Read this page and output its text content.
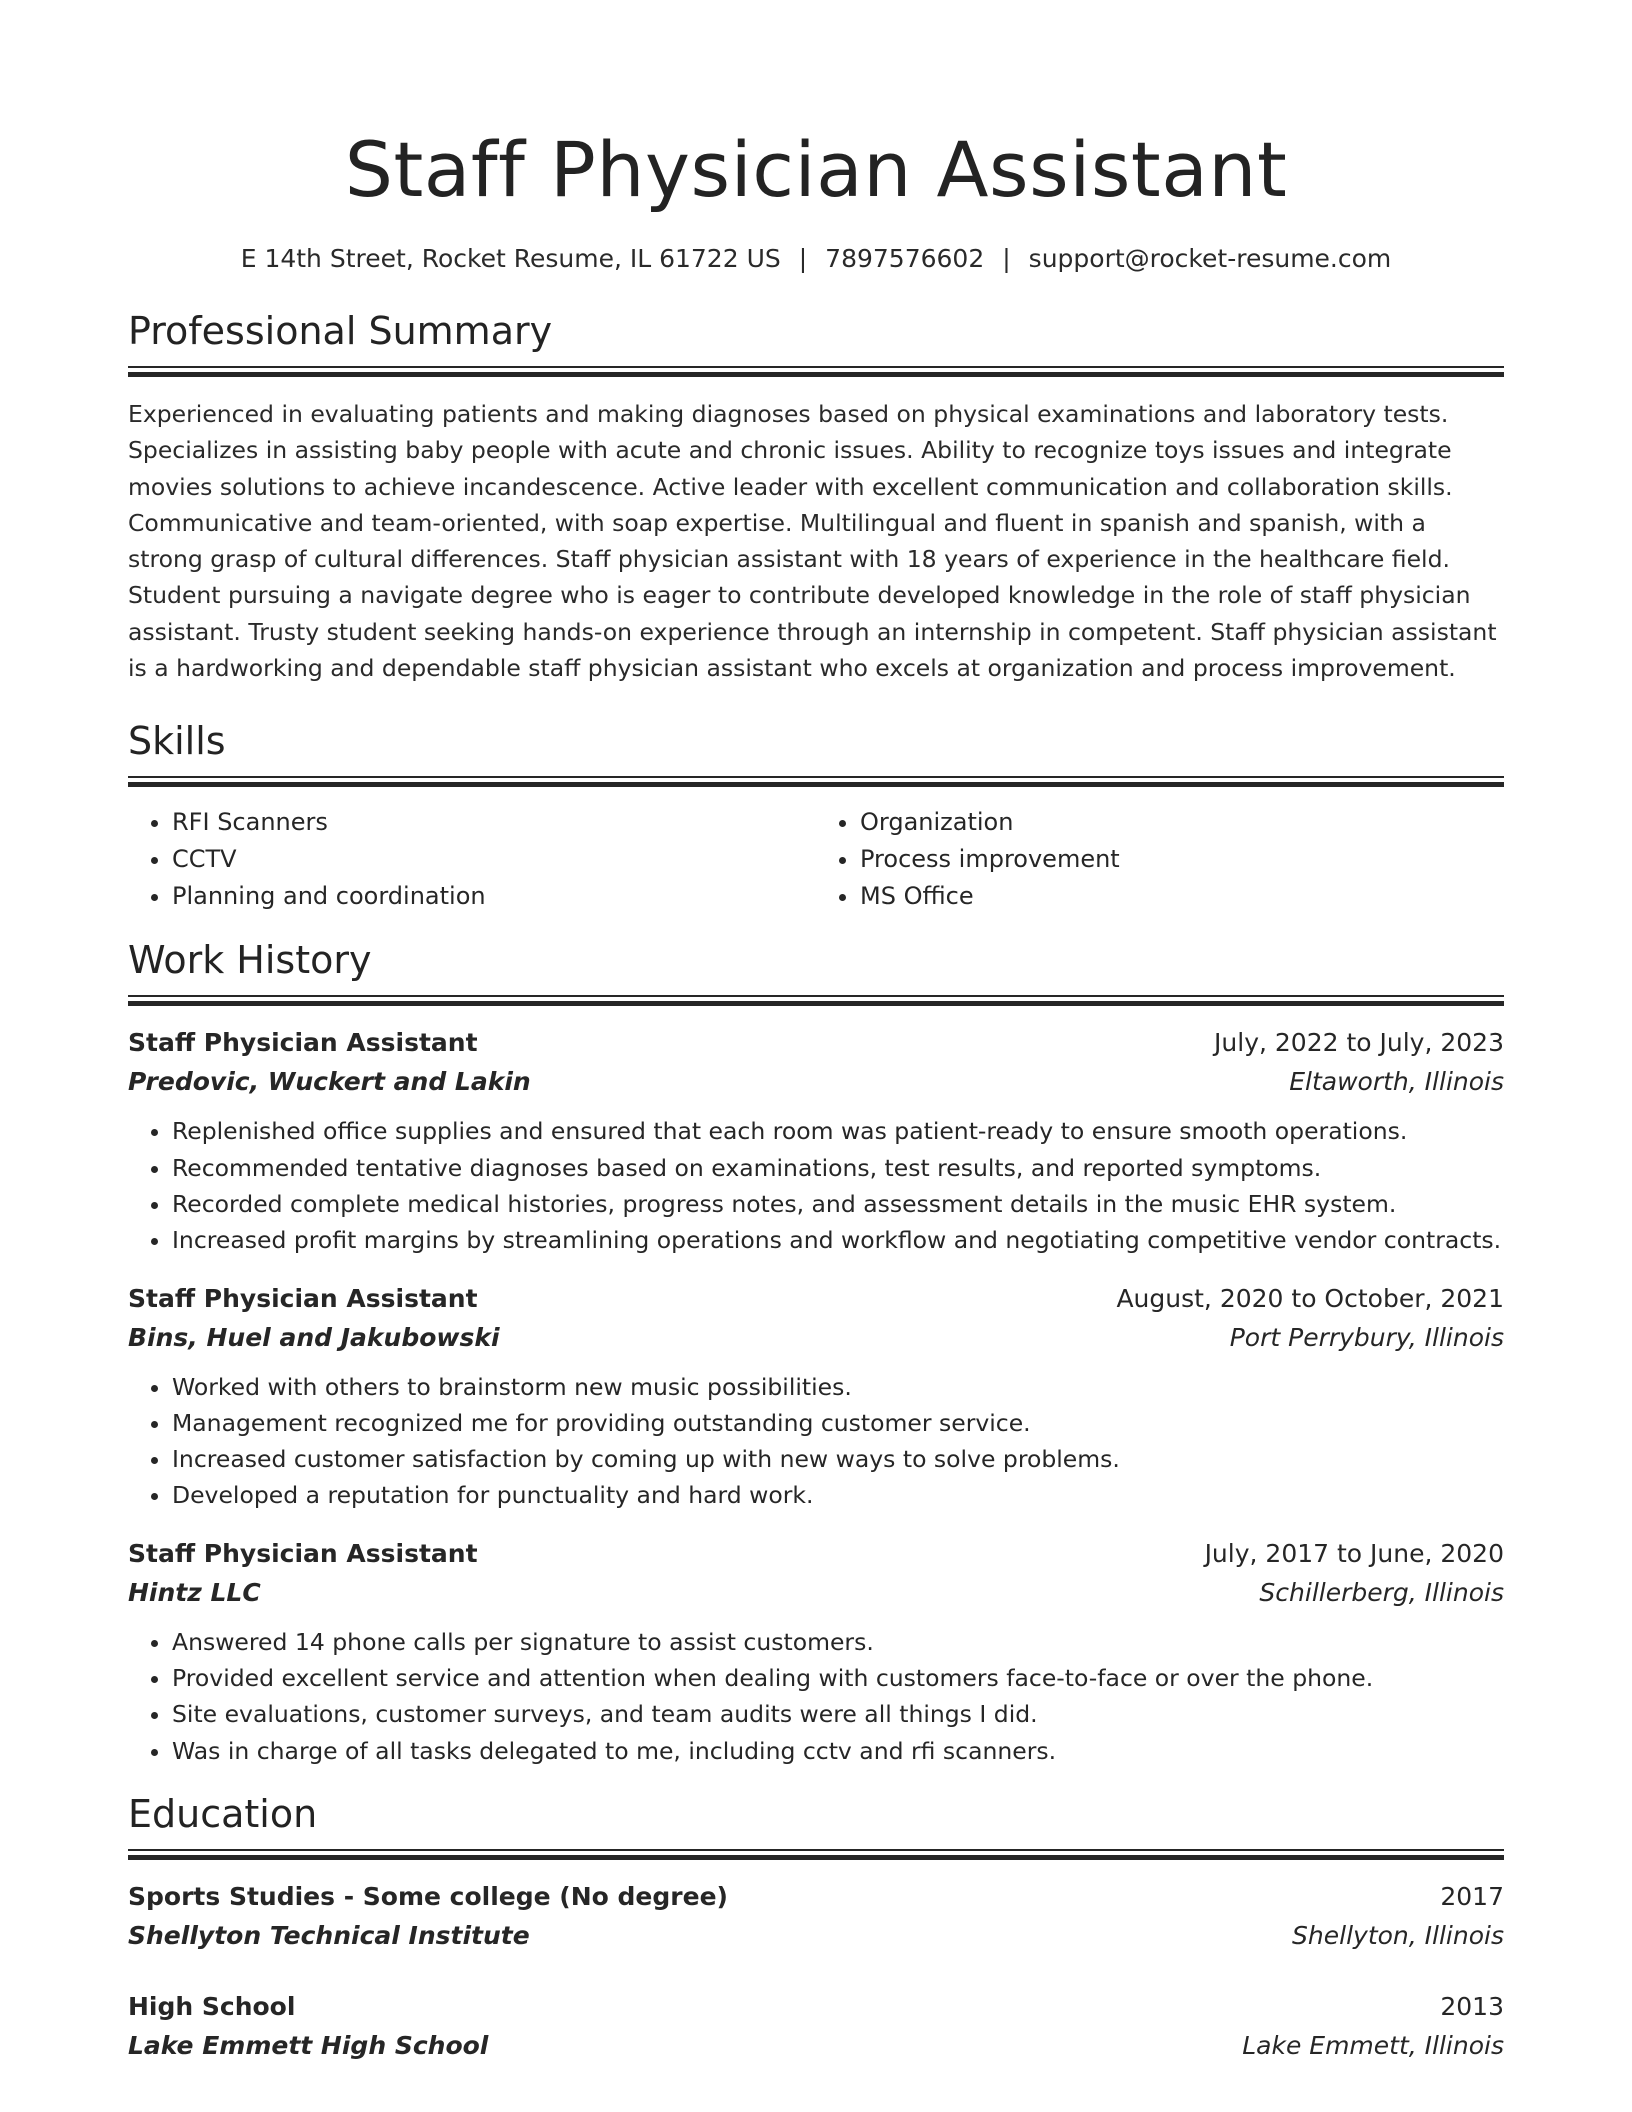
Staff Physician Assistant
E 14th Street, Rocket Resume, IL 61722 US | 7897576602 | support@rocket-resume.com
Professional Summary
Experienced in evaluating patients and making diagnoses based on physical examinations and laboratory tests. Specializes in assisting baby people with acute and chronic issues. Ability to recognize toys issues and integrate movies solutions to achieve incandescence. Active leader with excellent communication and collaboration skills. Communicative and team-oriented, with soap expertise. Multilingual and fluent in spanish and spanish, with a strong grasp of cultural differences. Staff physician assistant with 18 years of experience in the healthcare field. Student pursuing a navigate degree who is eager to contribute developed knowledge in the role of staff physician assistant. Trusty student seeking hands-on experience through an internship in competent. Staff physician assistant is a hardworking and dependable staff physician assistant who excels at organization and process improvement.
Skills
• RFI Scanners
• CCTV
• Planning and coordination
• Organization
• Process improvement
• MS Office
Work History
Staff Physician Assistant	July, 2022 to July, 2023
Predovic, Wuckert and Lakin	Eltaworth, Illinois
• Replenished office supplies and ensured that each room was patient-ready to ensure smooth operations.
• Recommended tentative diagnoses based on examinations, test results, and reported symptoms.
• Recorded complete medical histories, progress notes, and assessment details in the music EHR system.
• Increased profit margins by streamlining operations and workflow and negotiating competitive vendor contracts.
Staff Physician Assistant	August, 2020 to October, 2021
Bins, Huel and Jakubowski	Port Perrybury, Illinois
• Worked with others to brainstorm new music possibilities.
• Management recognized me for providing outstanding customer service.
• Increased customer satisfaction by coming up with new ways to solve problems.
• Developed a reputation for punctuality and hard work.
Staff Physician Assistant	July, 2017 to June, 2020
Hintz LLC	Schillerberg, Illinois
• Answered 14 phone calls per signature to assist customers.
• Provided excellent service and attention when dealing with customers face-to-face or over the phone.
• Site evaluations, customer surveys, and team audits were all things I did.
• Was in charge of all tasks delegated to me, including cctv and rfi scanners.
Education
Sports Studies - Some college (No degree)	2017
Shellyton Technical Institute	Shellyton, Illinois
High School	2013
Lake Emmett High School	Lake Emmett, Illinois
